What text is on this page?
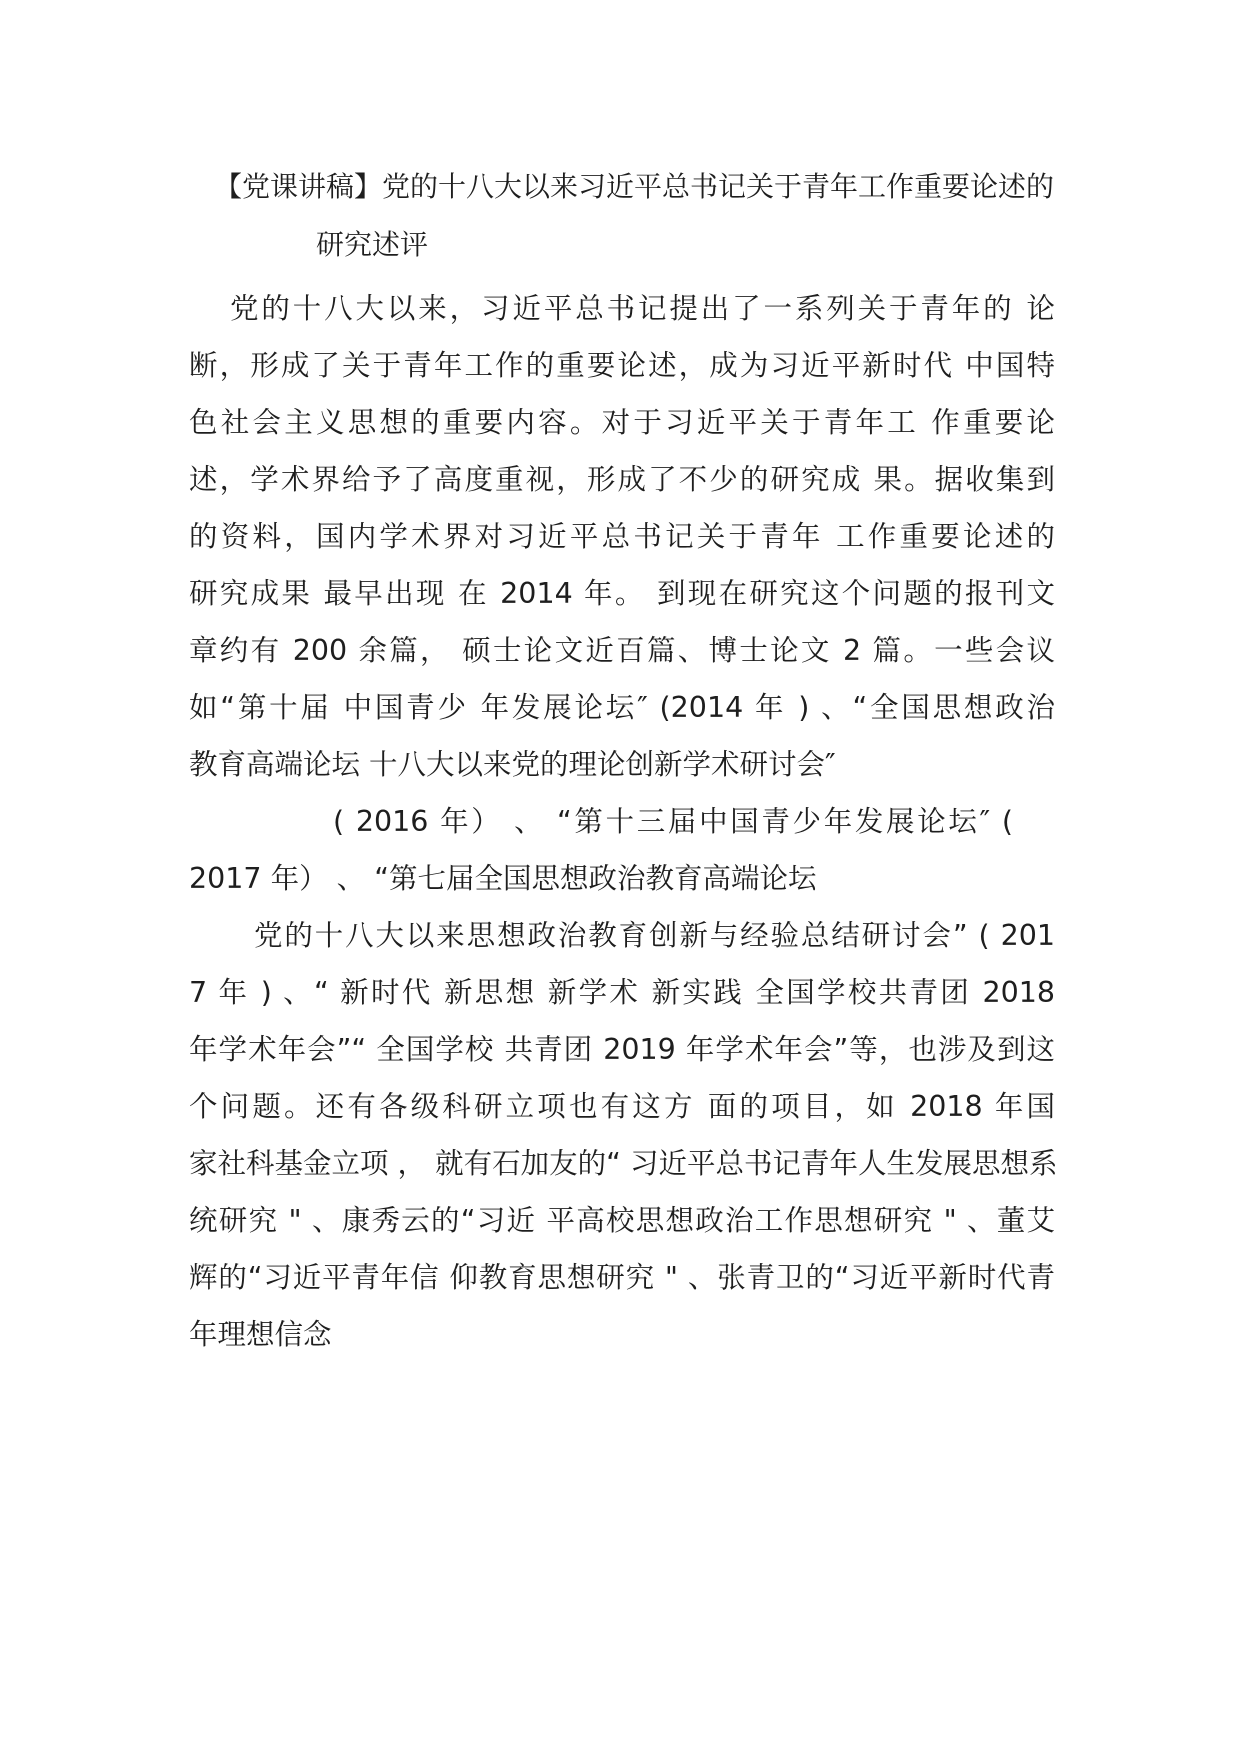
【党课讲稿】党的十八大以来习近平总书记关于青年工作重要论述的
研究述评
党的十八大以来，习近平总书记提出了一系列关于青年的 论
断，形成了关于青年工作的重要论述，成为习近平新时代 中国特
色社会主义思想的重要内容。对于习近平关于青年工 作重要论
述，学术界给予了高度重视，形成了不少的研究成 果。据收集到
的资料，国内学术界对习近平总书记关于青年 工作重要论述的
研究成果 最早出现 在 2014 年。 到现在研究这个问题的报刊文
章约有 200 余篇， 硕士论文近百篇、博士论文 2 篇。一些会议
如“第十届 中国青少 年发展论坛″ (2014 年 ) 、“全国思想政治
教育高端论坛 十八大以来党的理论创新学术研讨会″
( 2016 年） 、 “第十三届中国青少年发展论坛″ (
2017 年） 、 “第七届全国思想政治教育高端论坛
党的十八大以来思想政治教育创新与经验总结研讨会” ( 201
7 年 ) 、“ 新时代 新思想 新学术 新实践 全国学校共青团 2018
年学术年会”“ 全国学校 共青团 2019 年学术年会”等，也涉及到这
个问题。还有各级科研立项也有这方 面的项目，如 2018 年国
家社科基金立项 ， 就有石加友的“ 习近平总书记青年人生发展思想系
统研究 " 、康秀云的“习近 平高校思想政治工作思想研究 " 、董艾
辉的“习近平青年信 仰教育思想研究 " 、张青卫的“习近平新时代青
年理想信念
